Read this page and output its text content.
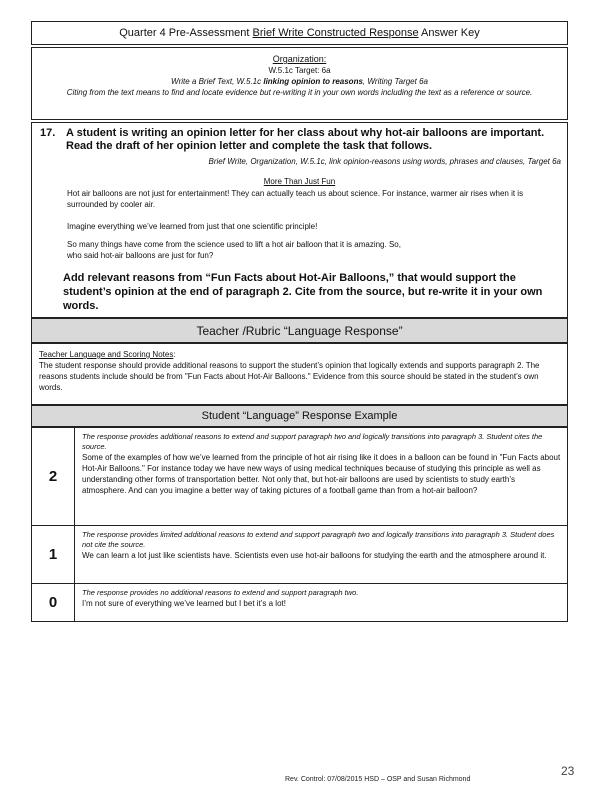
Quarter 4 Pre-Assessment Brief Write Constructed Response Answer Key
Organization:
W.5.1c Target: 6a
Write a Brief Text, W.5.1c linking opinion to reasons, Writing Target 6a
Citing from the text means to find and locate evidence but re-writing it in your own words including the text as a reference or source.
17. A student is writing an opinion letter for her class about why hot-air balloons are important. Read the draft of her opinion letter and complete the task that follows.
Brief Write, Organization, W.5.1c, link opinion-reasons using words, phrases and clauses, Target 6a
More Than Just Fun
Hot air balloons are not just for entertainment! They can actually teach us about science. For instance, warmer air rises when it is surrounded by cooler air.
Imagine everything we’ve learned from just that one scientific principle!
So many things have come from the science used to lift a hot air balloon that it is amazing. So, who said hot-air balloons are just for fun?
Add relevant reasons from “Fun Facts about Hot-Air Balloons,” that would support the student’s opinion at the end of paragraph 2. Cite from the source, but re-write it in your own words.
Teacher /Rubric “Language Response”
Teacher Language and Scoring Notes:
The student response should provide additional reasons to support the student’s opinion that logically extends and supports paragraph 2. The reasons students include should be from "Fun Facts about Hot-Air Balloons." Evidence from this source should be stated in the student’s own words.
Student “Language” Response Example
2
The response provides additional reasons to extend and support paragraph two and logically transitions into paragraph 3. Student cites the source.
Some of the examples of how we’ve learned from the principle of hot air rising like it does in a balloon can be found in "Fun Facts about Hot-Air Balloons." For instance today we have new ways of using medical techniques because of studying this principle as well as understanding other forms of transportation better. Not only that, but hot-air balloons are used by scientists to study earth’s atmosphere. And can you imagine a better way of taking pictures of a football game than from a hot-air balloon?
1
The response provides limited additional reasons to extend and support paragraph two and logically transitions into paragraph 3. Student does not cite the source.
We can learn a lot just like scientists have. Scientists even use hot-air balloons for studying the earth and the atmosphere around it.
0
The response provides no additional reasons to extend and support paragraph two.
I’m not sure of everything we’ve learned but I bet it’s a lot!
Rev. Control: 07/08/2015 HSD – OSP and Susan Richmond
23
